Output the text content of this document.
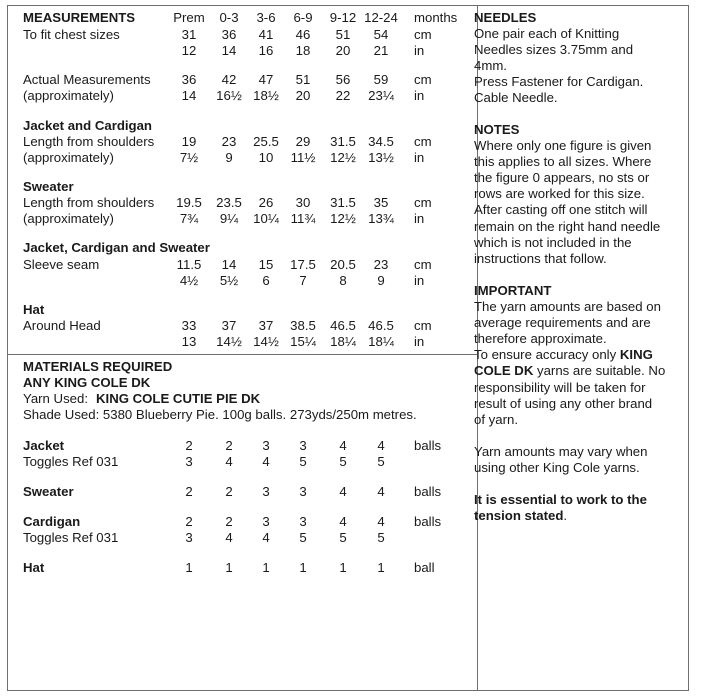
MEASUREMENTS	Prem	0-3	3-6	6-9	9-12 12-24	months
To fit chest sizes	31	36	41	46	51	54	cm
12	14	16	18	20	21	in
Actual Measurements	36	42	47	51	56	59	cm
(approximately)	14	16½ 18½	20	22	23¼	in
Jacket and Cardigan
Length from shoulders	19	23	25.5	29	31.5 34.5	cm
(approximately)	7½	9	10	11½	12½ 13½	in
Sweater
Length from shoulders	19.5	23.5	26	30	31.5	35	cm
(approximately)	7¾	9¼	10¼ 11¾	12½ 13¾	in
Jacket, Cardigan and Sweater
Sleeve seam	11.5	14	15	17.5	20.5	23	cm
4½	5½	6	7	8	9	in
Hat
Around Head	33	37	37	38.5	46.5 46.5	cm
13	14½ 14½ 15¼	18¼ 18¼	in
MATERIALS REQUIRED
ANY KING COLE DK
Yarn Used: KING COLE CUTIE PIE DK
Shade Used: 5380 Blueberry Pie. 100g balls. 273yds/250m metres.
Jacket	2	2	3	3	4	4	balls
Toggles Ref 031	3	4	4	5	5	5
Sweater	2	2	3	3	4	4	balls
Cardigan	2	2	3	3	4	4	balls
Toggles Ref 031	3	4	4	5	5	5
Hat	1	1	1	1	1	1	ball

NEEDLES

One pair each of Knitting

Needles sizes 3.75mm and

4mm.

Press Fastener for Cardigan.

Cable Needle.

NOTES

Where only one figure is given

this applies to all sizes. Where

the figure 0 appears, no sts or

rows are worked for this size.

After casting off one stitch will

remain on the right hand needle

which is not included in the

instructions that follow.

IMPORTANT

The yarn amounts are based on

average requirements and are

therefore approximate.

To ensure accuracy only KING

COLE DK yarns are suitable. No

responsibility will be taken for

result of using any other brand

of yarn.

Yarn amounts may vary when

using other King Cole yarns.

It is essential to work to the

tension stated.
